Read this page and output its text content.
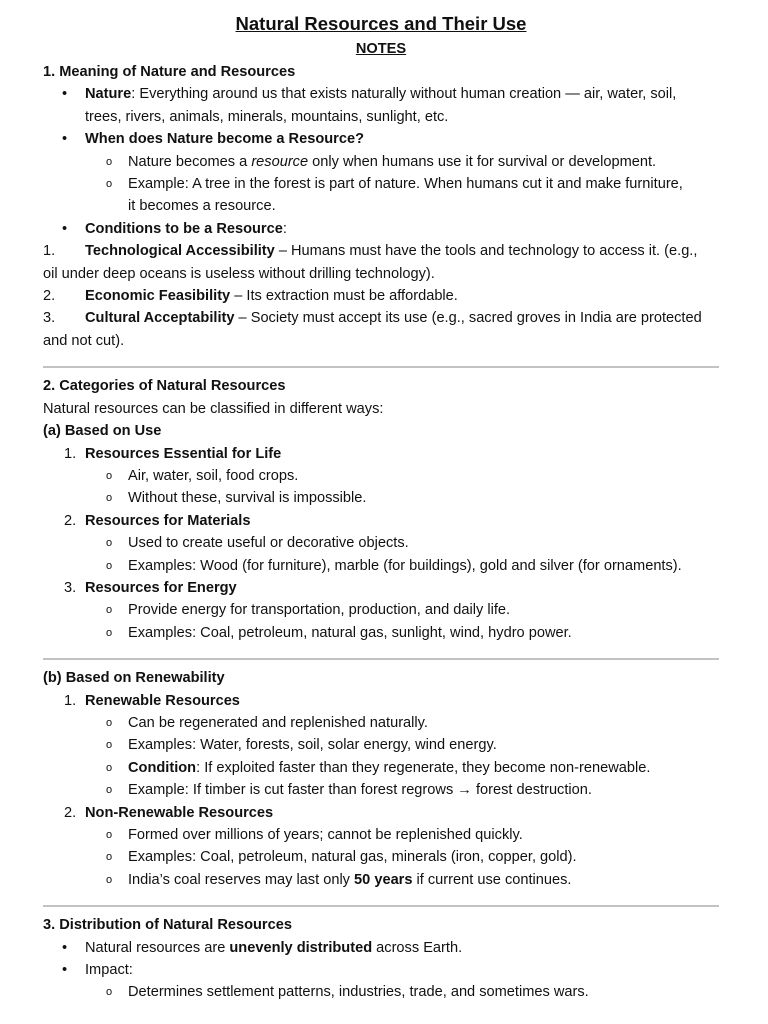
Natural Resources and Their Use

NOTES

1. Meaning of Nature and Resources

• Nature: Everything around us that exists naturally without human creation — air, water, soil,

trees, rivers, animals, minerals, mountains, sunlight, etc.

• When does Nature become a Resource?

o Nature becomes a resource only when humans use it for survival or development.

o Example: A tree in the forest is part of nature. When humans cut it and make furniture,

it becomes a resource.

• Conditions to be a Resource:

1. Technological Accessibility – Humans must have the tools and technology to access it. (e.g.,

oil under deep oceans is useless without drilling technology).

2. Economic Feasibility – Its extraction must be affordable.

3. Cultural Acceptability – Society must accept its use (e.g., sacred groves in India are protected

and not cut).

2. Categories of Natural Resources

Natural resources can be classified in different ways:

(a) Based on Use

1. Resources Essential for Life

o Air, water, soil, food crops.

o Without these, survival is impossible.

2. Resources for Materials

o Used to create useful or decorative objects.

o Examples: Wood (for furniture), marble (for buildings), gold and silver (for ornaments).

3. Resources for Energy

o Provide energy for transportation, production, and daily life.

o Examples: Coal, petroleum, natural gas, sunlight, wind, hydro power.

(b) Based on Renewability

1. Renewable Resources

o Can be regenerated and replenished naturally.

o Examples: Water, forests, soil, solar energy, wind energy.

o Condition: If exploited faster than they regenerate, they become non-renewable.

o Example: If timber is cut faster than forest regrows → forest destruction.

2. Non-Renewable Resources

o Formed over millions of years; cannot be replenished quickly.

o Examples: Coal, petroleum, natural gas, minerals (iron, copper, gold).

o India’s coal reserves may last only 50 years if current use continues.

3. Distribution of Natural Resources

• Natural resources are unevenly distributed across Earth.

• Impact:

o Determines settlement patterns, industries, trade, and sometimes wars.
